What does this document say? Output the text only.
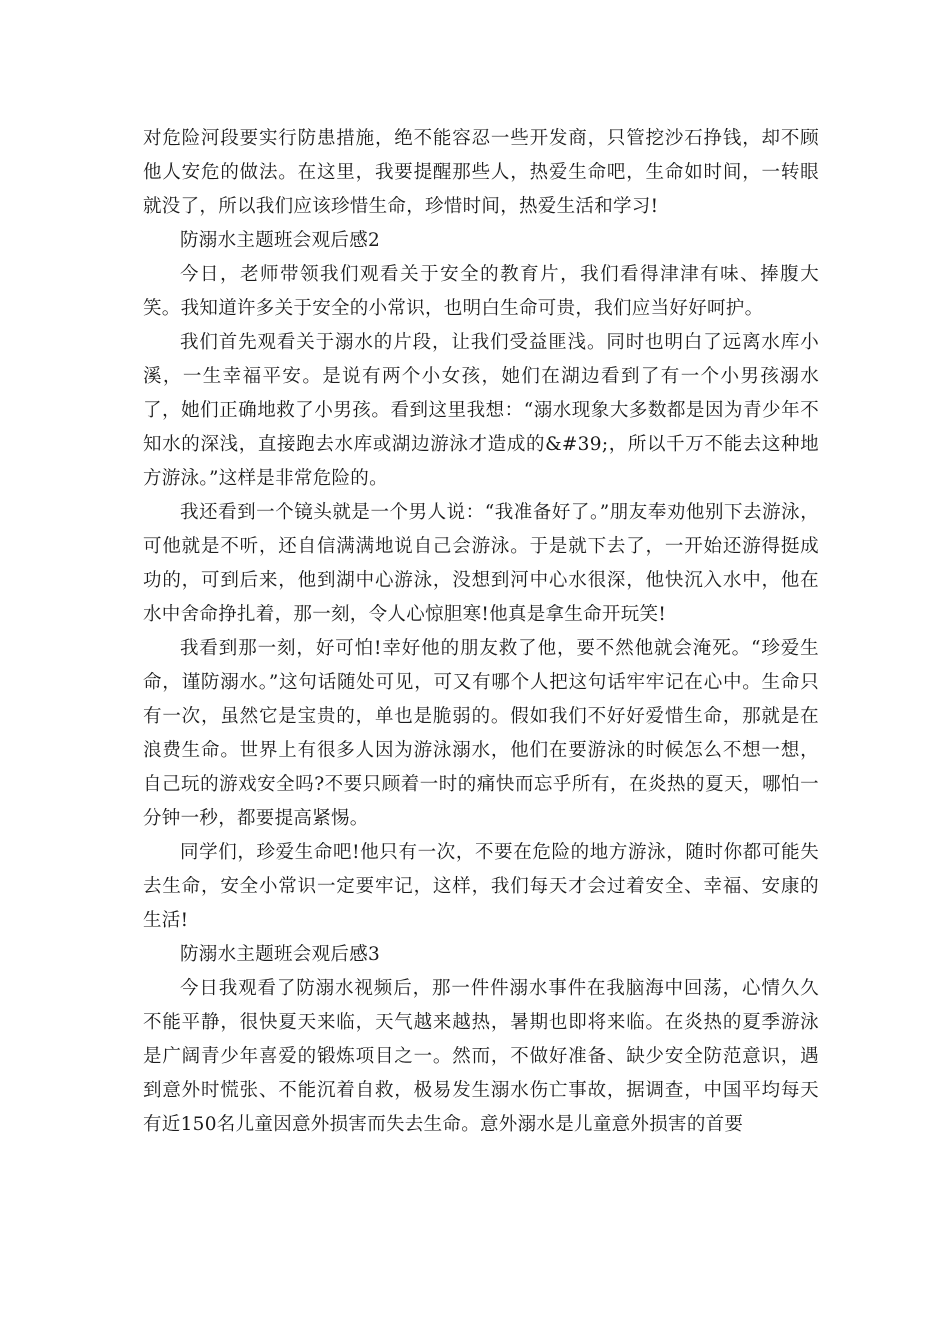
对危险河段要实行防患措施，绝不能容忍一些开发商，只管挖沙石挣钱，却不顾他人安危的做法。在这里，我要提醒那些人，热爱生命吧，生命如时间，一转眼就没了，所以我们应该珍惜生命，珍惜时间，热爱生活和学习!

防溺水主题班会观后感2

今日，老师带领我们观看关于安全的教育片，我们看得津津有味、捧腹大笑。我知道许多关于安全的小常识，也明白生命可贵，我们应当好好呵护。

我们首先观看关于溺水的片段，让我们受益匪浅。同时也明白了远离水库小溪，一生幸福平安。是说有两个小女孩，她们在湖边看到了有一个小男孩溺水了，她们正确地救了小男孩。看到这里我想：“溺水现象大多数都是因为青少年不知水的深浅，直接跑去水库或湖边游泳才造成的&#39;，所以千万不能去这种地方游泳。”这样是非常危险的。

我还看到一个镜头就是一个男人说：“我准备好了。”朋友奉劝他别下去游泳，可他就是不听，还自信满满地说自己会游泳。于是就下去了，一开始还游得挺成功的，可到后来，他到湖中心游泳，没想到河中心水很深，他快沉入水中，他在水中舍命挣扎着，那一刻，令人心惊胆寒!他真是拿生命开玩笑!

我看到那一刻，好可怕!幸好他的朋友救了他，要不然他就会淹死。“珍爱生命，谨防溺水。”这句话随处可见，可又有哪个人把这句话牢牢记在心中。生命只有一次，虽然它是宝贵的，单也是脆弱的。假如我们不好好爱惜生命，那就是在浪费生命。世界上有很多人因为游泳溺水，他们在要游泳的时候怎么不想一想，自己玩的游戏安全吗?不要只顾着一时的痛快而忘乎所有，在炎热的夏天，哪怕一分钟一秒，都要提高紧惕。

同学们，珍爱生命吧!他只有一次，不要在危险的地方游泳，随时你都可能失去生命，安全小常识一定要牢记，这样，我们每天才会过着安全、幸福、安康的生活!

防溺水主题班会观后感3

今日我观看了防溺水视频后，那一件件溺水事件在我脑海中回荡，心情久久不能平静，很快夏天来临，天气越来越热，暑期也即将来临。在炎热的夏季游泳是广阔青少年喜爱的锻炼项目之一。然而，不做好准备、缺少安全防范意识，遇到意外时慌张、不能沉着自救，极易发生溺水伤亡事故，据调查，中国平均每天有近150名儿童因意外损害而失去生命。意外溺水是儿童意外损害的首要
